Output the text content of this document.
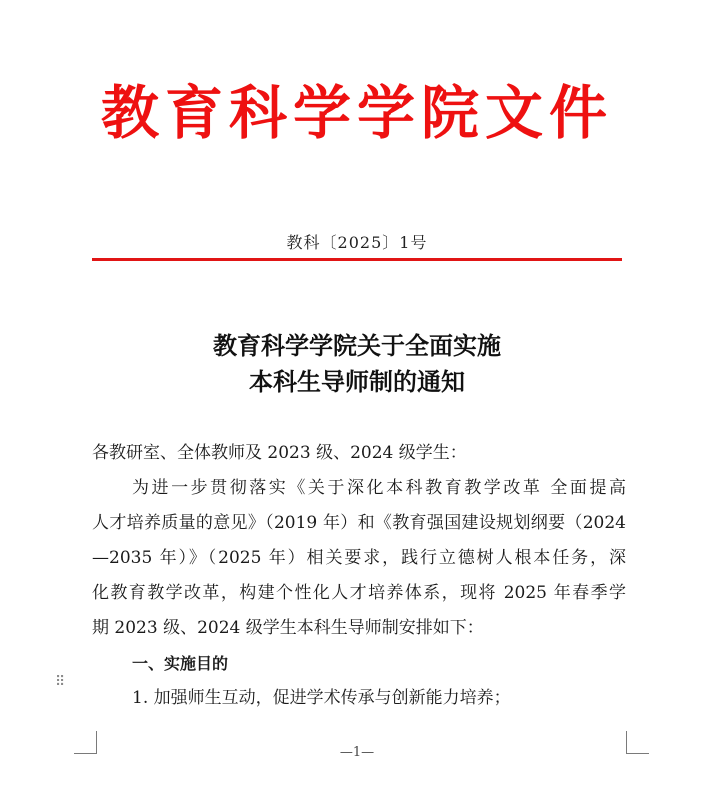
教育科学学院文件
教科〔2025〕1号
教育科学学院关于全面实施
本科生导师制的通知

各教研室、全体教师及 2023 级、2024 级学生：

为进一步贯彻落实《关于深化本科教育教学改革 全面提高

人才培养质量的意见》（2019 年）和《教育强国建设规划纲要（2024

—2035 年）》（2025 年）相关要求，践行立德树人根本任务，深

化教育教学改革，构建个性化人才培养体系，现将 2025 年春季学

期 2023 级、2024 级学生本科生导师制安排如下：

一、实施目的

1. 加强师生互动，促进学术传承与创新能力培养；

⠿
—1—
